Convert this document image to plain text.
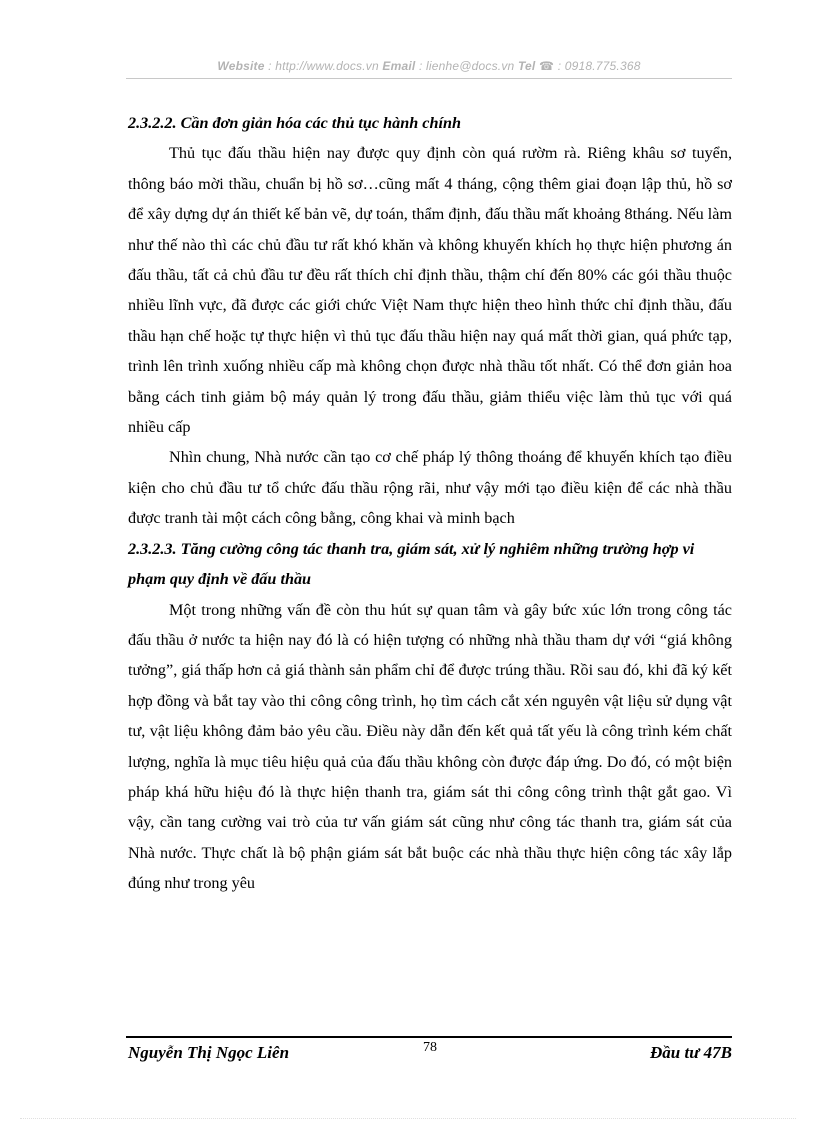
Website : http://www.docs.vn Email : lienhe@docs.vn Tel ☎ : 0918.775.368

2.3.2.2. Cần đơn giản hóa các thủ tục hành chính

Thủ tục đấu thầu hiện nay được quy định còn quá rườm rà. Riêng khâu sơ tuyển, thông báo mời thầu, chuẩn bị hồ sơ…cũng mất 4 tháng, cộng thêm giai đoạn lập thủ, hồ sơ để xây dựng dự án thiết kế bản vẽ, dự toán, thẩm định, đấu thầu mất khoảng 8tháng. Nếu làm như thế nào thì các chủ đầu tư rất khó khăn và không khuyến khích họ thực hiện phương án đấu thầu, tất cả chủ đầu tư đều rất thích chỉ định thầu, thậm chí đến 80% các gói thầu thuộc nhiều lĩnh vực, đã được các giới chức Việt Nam thực hiện theo hình thức chỉ định thầu, đấu thầu hạn chế hoặc tự thực hiện vì thủ tục đấu thầu hiện nay quá mất thời gian, quá phức tạp, trình lên trình xuống nhiều cấp mà không chọn được nhà thầu tốt nhất. Có thể đơn giản hoa bằng cách tinh giảm bộ máy quản lý trong đấu thầu, giảm thiểu việc làm thủ tục với quá nhiều cấp

Nhìn chung, Nhà nước cần tạo cơ chế pháp lý thông thoáng để khuyến khích tạo điều kiện cho chủ đầu tư tổ chức đấu thầu rộng rãi, như vậy mới tạo điều kiện để các nhà thầu được tranh tài một cách công bằng, công khai và minh bạch

2.3.2.3. Tăng cường công tác thanh tra, giám sát, xử lý nghiêm những trường hợp vi phạm quy định về đấu thầu

Một trong những vấn đề còn thu hút sự quan tâm và gây bức xúc lớn trong công tác đấu thầu ở nước ta hiện nay đó là có hiện tượng có những nhà thầu tham dự với “giá không tưởng”, giá thấp hơn cả giá thành sản phẩm chỉ để được trúng thầu. Rồi sau đó, khi đã ký kết hợp đồng và bắt tay vào thi công công trình, họ tìm cách cắt xén nguyên vật liệu sử dụng vật tư, vật liệu không đảm bảo yêu cầu. Điều này dẫn đến kết quả tất yếu là công trình kém chất lượng, nghĩa là mục tiêu hiệu quả của đấu thầu không còn được đáp ứng. Do đó, có một biện pháp khá hữu hiệu đó là thực hiện thanh tra, giám sát thi công công trình thật gắt gao. Vì vậy, cần tang cường vai trò của tư vấn giám sát cũng như công tác thanh tra, giám sát của Nhà nước. Thực chất là bộ phận giám sát bắt buộc các nhà thầu thực hiện công tác xây lắp đúng như trong yêu

Nguyễn Thị Ngọc Liên	78	Đầu tư 47B
